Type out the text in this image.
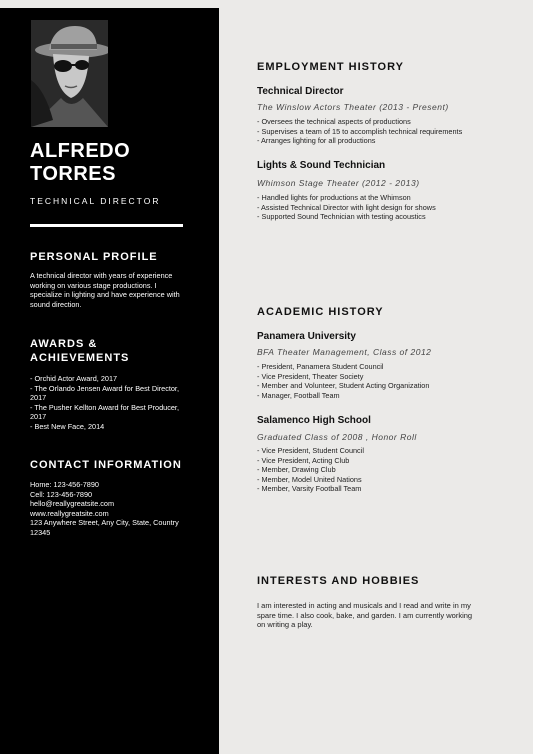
ALFREDO
TORRES
TECHNICAL DIRECTOR
PERSONAL PROFILE
A technical director with years of experience working on various stage productions. I specialize in lighting and have experience with sound direction.
AWARDS &
ACHIEVEMENTS
- Orchid Actor Award, 2017
- The Orlando Jensen Award for Best Director, 2017
- The Pusher Kellton Award for Best Producer, 2017
- Best New Face, 2014
CONTACT INFORMATION
Home: 123-456-7890
Cell: 123-456-7890
hello@reallygreatsite.com
www.reallygreatsite.com
123 Anywhere Street, Any City, State, Country 12345
EMPLOYMENT HISTORY
Technical Director
The Winslow Actors Theater (2013 - Present)
- Oversees the technical aspects of productions
- Supervises a team of 15 to accomplish technical requirements
- Arranges lighting for all productions
Lights & Sound Technician
Whimson Stage Theater (2012 - 2013)
- Handled lights for productions at the Whimson
- Assisted Technical Director with light design for shows
- Supported Sound Technician with testing acoustics
ACADEMIC HISTORY
Panamera University
BFA Theater Management, Class of 2012
- President, Panamera Student Council
- Vice President, Theater Society
- Member and Volunteer, Student Acting Organization
- Manager, Football Team
Salamenco High School
Graduated Class of 2008 , Honor Roll
- Vice President, Student Council
- Vice President, Acting Club
- Member, Drawing Club
- Member, Model United Nations
- Member, Varsity Football Team
INTERESTS AND HOBBIES
I am interested in acting and musicals and I read and write in my spare time. I also cook, bake, and garden. I am currently working on writing a play.
